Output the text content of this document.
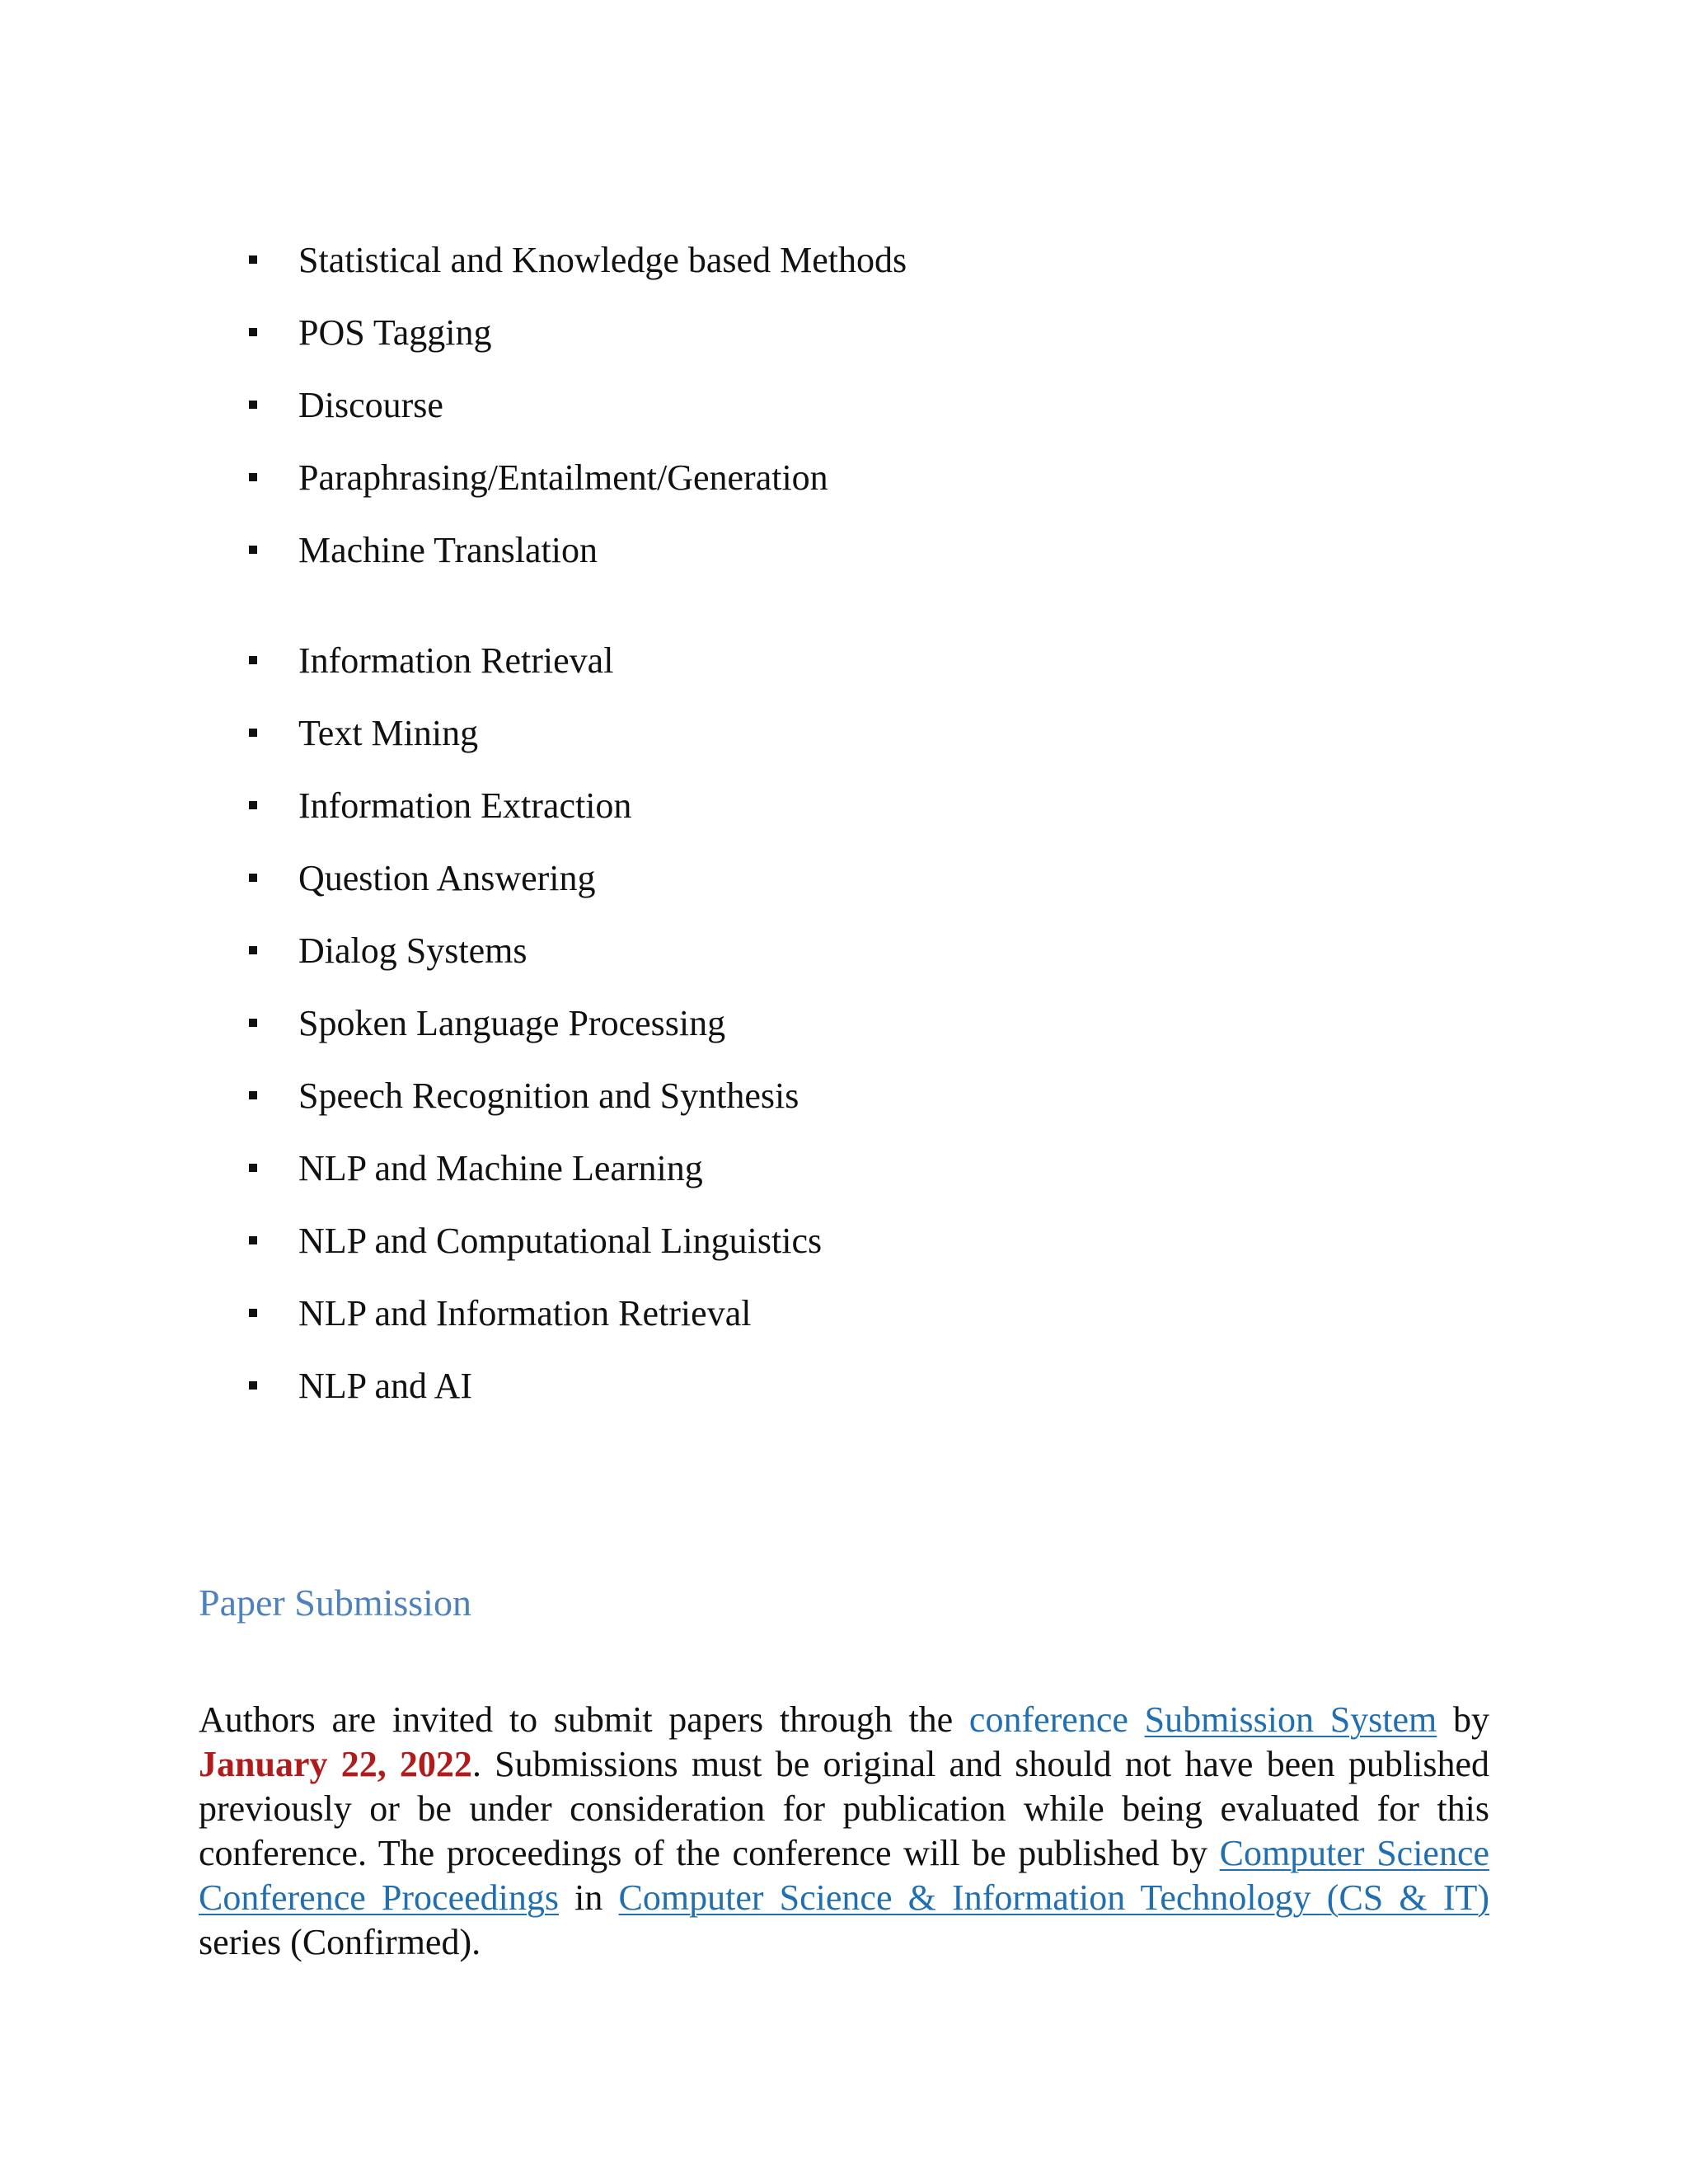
Statistical and Knowledge based Methods
POS Tagging
Discourse
Paraphrasing/Entailment/Generation
Machine Translation
Information Retrieval
Text Mining
Information Extraction
Question Answering
Dialog Systems
Spoken Language Processing
Speech Recognition and Synthesis
NLP and Machine Learning
NLP and Computational Linguistics
NLP and Information Retrieval
NLP and AI
Paper Submission

Authors are invited to submit papers through the conference Submission System by January 22, 2022. Submissions must be original and should not have been published previously or be under consideration for publication while being evaluated for this conference. The proceedings of the conference will be published by Computer Science Conference Proceedings in Computer Science & Information Technology (CS & IT) series (Confirmed).
